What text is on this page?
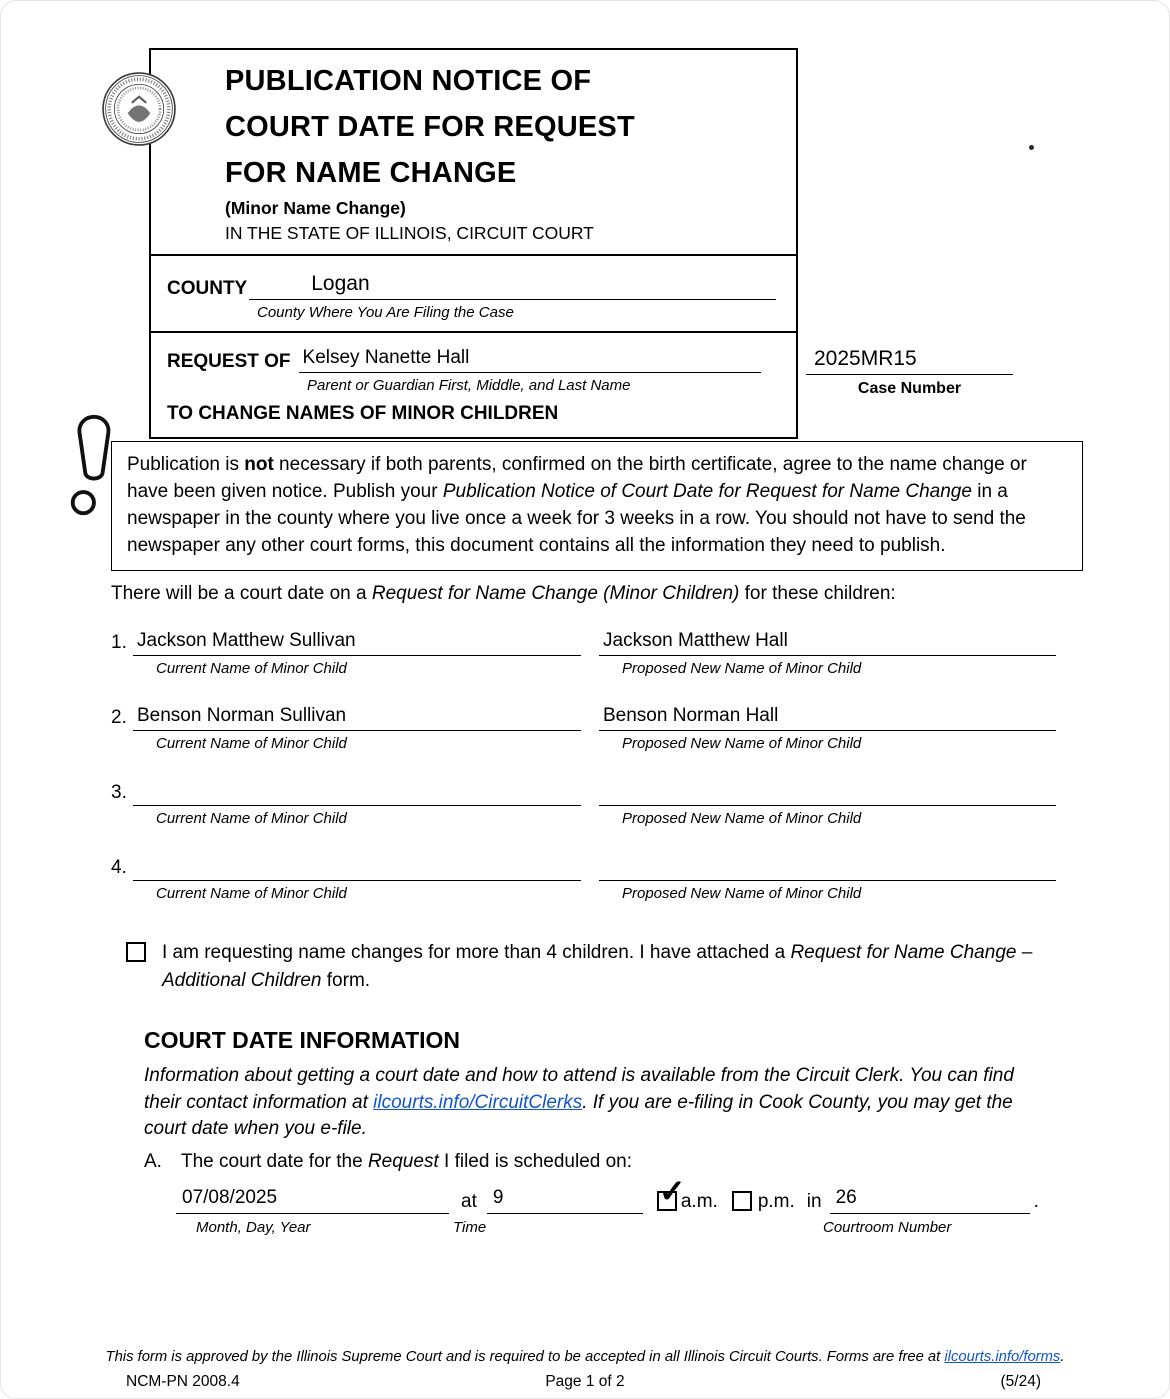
PUBLICATION NOTICE OF
COURT DATE FOR REQUEST
FOR NAME CHANGE
(Minor Name Change)
IN THE STATE OF ILLINOIS, CIRCUIT COURT
COUNTY	Logan
County Where You Are Filing the Case
REQUEST OF Kelsey Nanette Hall
Parent or Guardian First, Middle, and Last Name
TO CHANGE NAMES OF MINOR CHILDREN
2025MR15
Case Number

Publication is not necessary if both parents, confirmed on the birth certificate, agree to the name change or have been given notice. Publish your Publication Notice of Court Date for Request for Name Change in a newspaper in the county where you live once a week for 3 weeks in a row. You should not have to send the newspaper any other court forms, this document contains all the information they need to publish.

There will be a court date on a Request for Name Change (Minor Children) for these children:

1. Jackson Matthew Sullivan
Current Name of Minor Child
Jackson Matthew Hall
Proposed New Name of Minor Child
2. Benson Norman Sullivan
Current Name of Minor Child
Benson Norman Hall
Proposed New Name of Minor Child
3.
Current Name of Minor Child	Proposed New Name of Minor Child
4.
Current Name of Minor Child	Proposed New Name of Minor Child

I am requesting name changes for more than 4 children. I have attached a Request for Name Change – Additional Children form.

COURT DATE INFORMATION

Information about getting a court date and how to attend is available from the Circuit Clerk. You can find their contact information at ilcourts.info/CircuitClerks. If you are e-filing in Cook County, you may get the court date when you e-file.

A.	The court date for the Request I filed is scheduled on:

07/08/2025	at 9	✓
a.m. p.m. in 26	.
Month, Day, Year	Time	Courtroom Number

This form is approved by the Illinois Supreme Court and is required to be accepted in all Illinois Circuit Courts. Forms are free at ilcourts.info/forms.

NCM-PN 2008.4	Page 1 of 2	(5/24)
